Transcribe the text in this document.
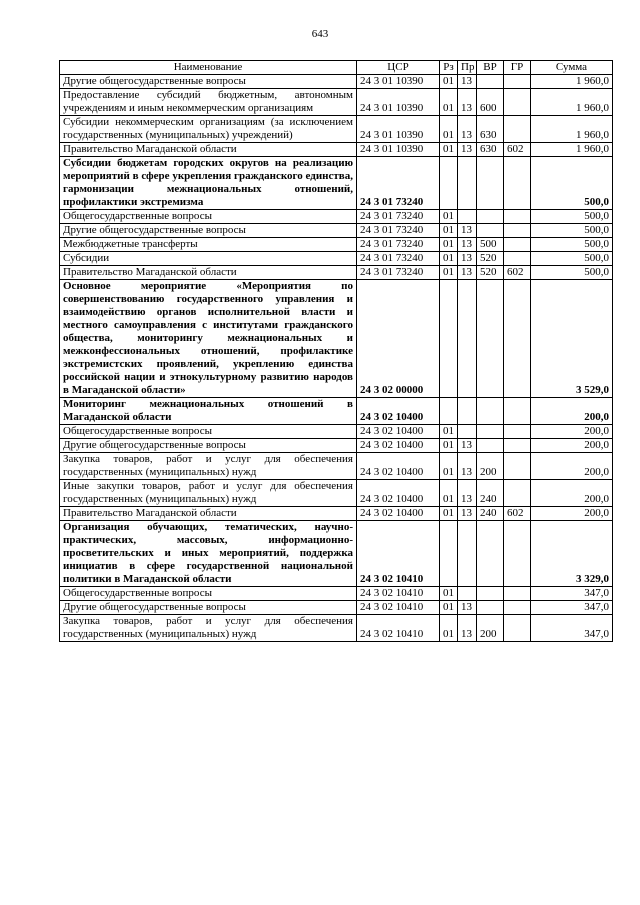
643
Наименование	ЦСР	Рз	Пр	ВР	ГР	Сумма
Другие общегосударственные вопросы	24 3 01 10390	01	13			1 960,0
Предоставление субсидий бюджетным, автономным учреждениям и иным некоммерческим организациям	24 3 01 10390	01	13	600		1 960,0
Субсидии некоммерческим организациям (за исключением государственных (муниципальных) учреждений)	24 3 01 10390	01	13	630		1 960,0
Правительство Магаданской области	24 3 01 10390	01	13	630	602	1 960,0
Субсидии бюджетам городских округов на реализацию мероприятий в сфере укрепления гражданского единства, гармонизации межнациональных отношений, профилактики экстремизма	24 3 01 73240					500,0
Общегосударственные вопросы	24 3 01 73240	01				500,0
Другие общегосударственные вопросы	24 3 01 73240	01	13			500,0
Межбюджетные трансферты	24 3 01 73240	01	13	500		500,0
Субсидии	24 3 01 73240	01	13	520		500,0
Правительство Магаданской области	24 3 01 73240	01	13	520	602	500,0
Основное мероприятие «Мероприятия по совершенствованию государственного управления и взаимодействию органов исполнительной власти и местного самоуправления с институтами гражданского общества, мониторингу межнациональных и межконфессиональных отношений, профилактике экстремистских проявлений, укреплению единства российской нации и этнокультурному развитию народов в Магаданской области»	24 3 02 00000					3 529,0
Мониторинг межнациональных отношений в Магаданской области	24 3 02 10400					200,0
Общегосударственные вопросы	24 3 02 10400	01				200,0
Другие общегосударственные вопросы	24 3 02 10400	01	13			200,0
Закупка товаров, работ и услуг для обеспечения государственных (муниципальных) нужд	24 3 02 10400	01	13	200		200,0
Иные закупки товаров, работ и услуг для обеспечения государственных (муниципальных) нужд	24 3 02 10400	01	13	240		200,0
Правительство Магаданской области	24 3 02 10400	01	13	240	602	200,0
Организация обучающих, тематических, научно-практических, массовых, информационно-просветительских и иных мероприятий, поддержка инициатив в сфере государственной национальной политики в Магаданской области	24 3 02 10410					3 329,0
Общегосударственные вопросы	24 3 02 10410	01				347,0
Другие общегосударственные вопросы	24 3 02 10410	01	13			347,0
Закупка товаров, работ и услуг для обеспечения государственных (муниципальных) нужд	24 3 02 10410	01	13	200		347,0
